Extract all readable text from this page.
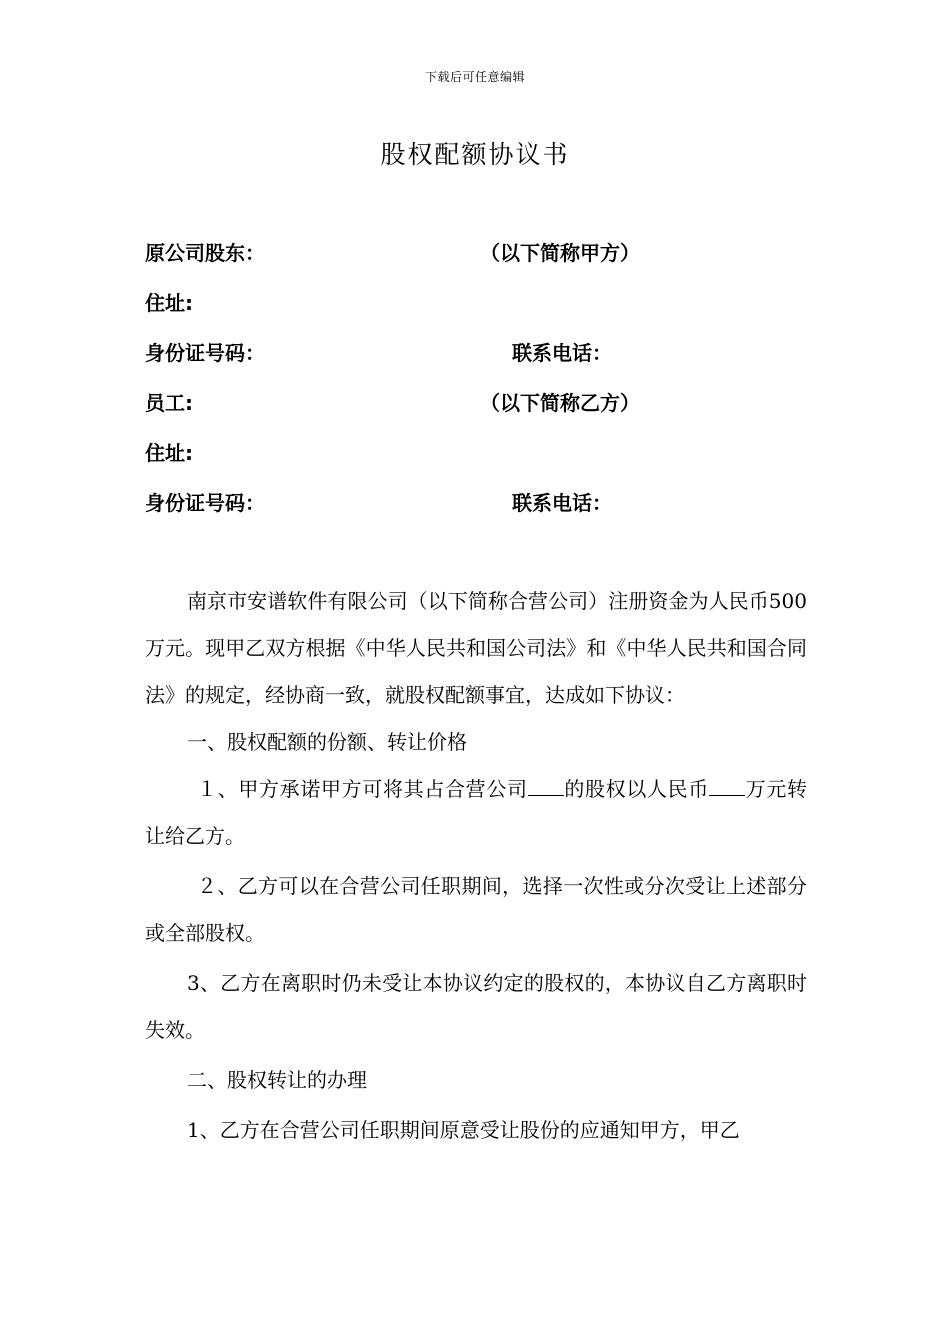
下载后可任意编辑
股权配额协议书
原公司股东：	（以下简称甲方）
住址:
身份证号码：	联系电话：
员工:	（以下简称乙方）
住址:
身份证号码：	联系电话：

南京市安谱软件有限公司（以下简称合营公司）注册资金为人民币500万元。现甲乙双方根据《中华人民共和国公司法》和《中华人民共和国合同法》的规定，经协商一致，就股权配额事宜，达成如下协议：

一、股权配额的份额、转让价格

１、甲方承诺甲方可将其占合营公司 的股权以人民币 万元转让给乙方。

２、乙方可以在合营公司任职期间，选择一次性或分次受让上述部分或全部股权。

3、乙方在离职时仍未受让本协议约定的股权的，本协议自乙方离职时失效。

二、股权转让的办理

1、乙方在合营公司任职期间原意受让股份的应通知甲方，甲乙
